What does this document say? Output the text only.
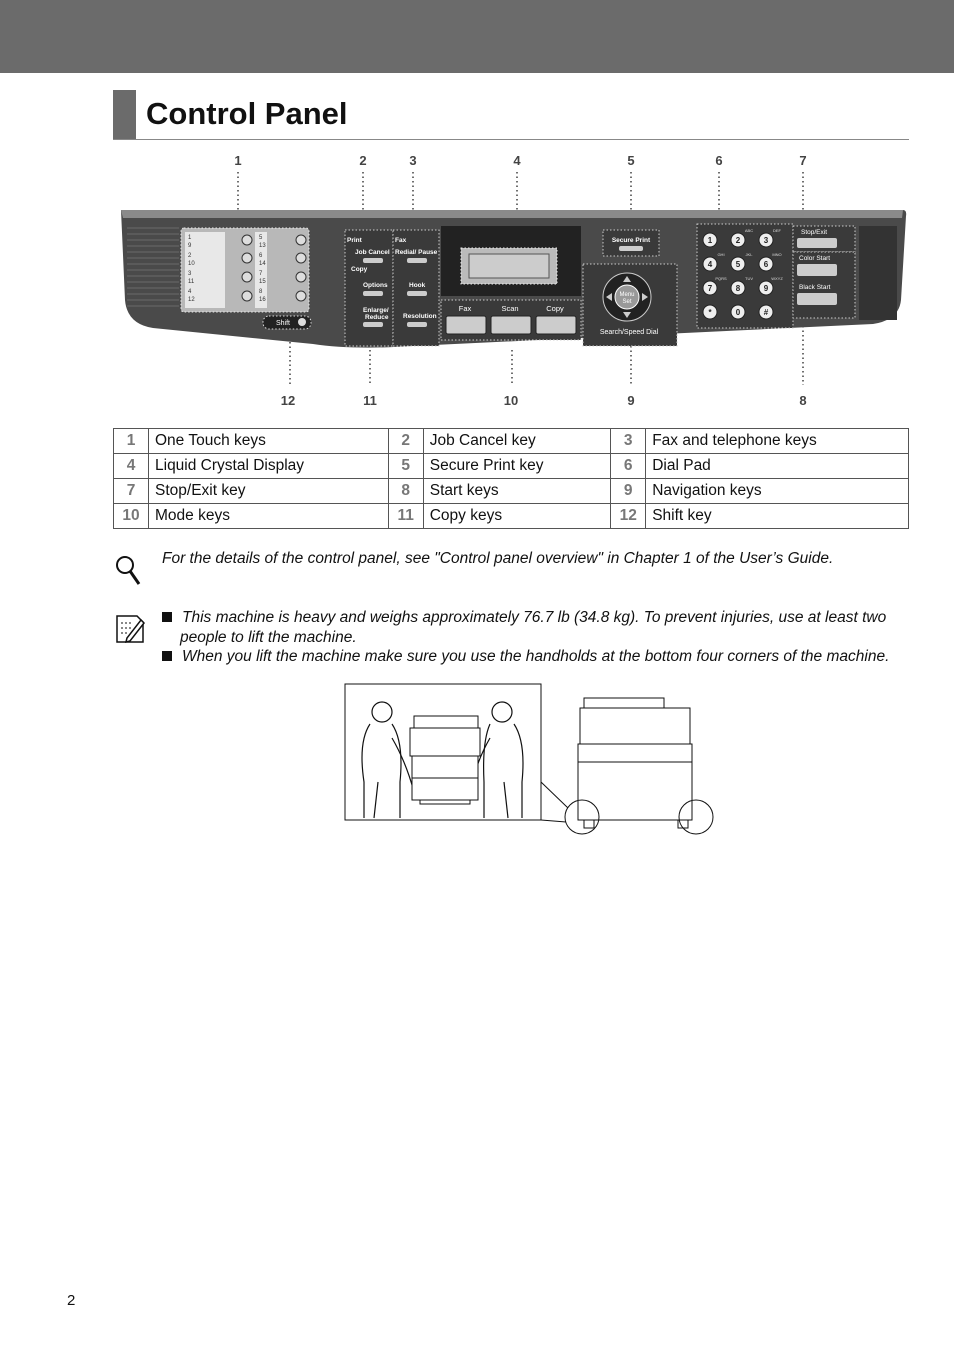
Control Panel
1	2	3	4	5	6	7
1
9
2
10
3
11
4
12
5
13
6
14
7
15
8
16
Shift
Print
Job Cancel
Copy
Options
Enlarge/
Reduce
Fax
Redial/ Pause
Hook
Resolution
Fax	Scan	Copy
Secure Print
Menu
Set
Search/Speed Dial
1	2	3
4	5	6
7	8	9
*	0	#
ABC	DEF
GHI	JKL	MNO
PQRS	TUV	WXYZ
Stop/Exit
Color Start
Black Start
12	11	10	9	8
1	One Touch keys	2	Job Cancel key	3	Fax and telephone keys
4	Liquid Crystal Display	5	Secure Print key	6	Dial Pad
7	Stop/Exit key	8	Start keys	9	Navigation keys
10	Mode keys	11	Copy keys	12	Shift key
For the details of the control panel, see "Control panel overview" in Chapter 1 of the User’s Guide.
This machine is heavy and weighs approximately 76.7 lb (34.8 kg). To prevent injuries, use at least two
people to lift the machine.
When you lift the machine make sure you use the handholds at the bottom four corners of the machine.
2
